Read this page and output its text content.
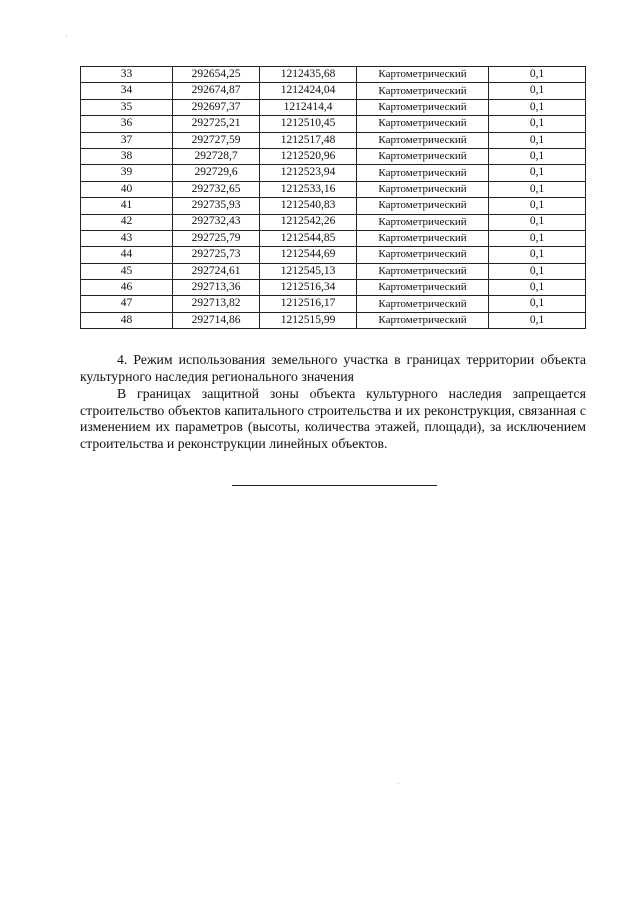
33	292654,25	1212435,68	Картометрический	0,1
34	292674,87	1212424,04	Картометрический	0,1
35	292697,37	1212414,4	Картометрический	0,1
36	292725,21	1212510,45	Картометрический	0,1
37	292727,59	1212517,48	Картометрический	0,1
38	292728,7	1212520,96	Картометрический	0,1
39	292729,6	1212523,94	Картометрический	0,1
40	292732,65	1212533,16	Картометрический	0,1
41	292735,93	1212540,83	Картометрический	0,1
42	292732,43	1212542,26	Картометрический	0,1
43	292725,79	1212544,85	Картометрический	0,1
44	292725,73	1212544,69	Картометрический	0,1
45	292724,61	1212545,13	Картометрический	0,1
46	292713,36	1212516,34	Картометрический	0,1
47	292713,82	1212516,17	Картометрический	0,1
48	292714,86	1212515,99	Картометрический	0,1
4. Режим использования земельного участка в границах территории объекта культурного наследия регионального значения
В границах защитной зоны объекта культурного наследия запрещается строительство объектов капитального строительства и их реконструкция, связанная с изменением их параметров (высоты, количества этажей, площади), за исключением строительства и реконструкции линейных объектов.
